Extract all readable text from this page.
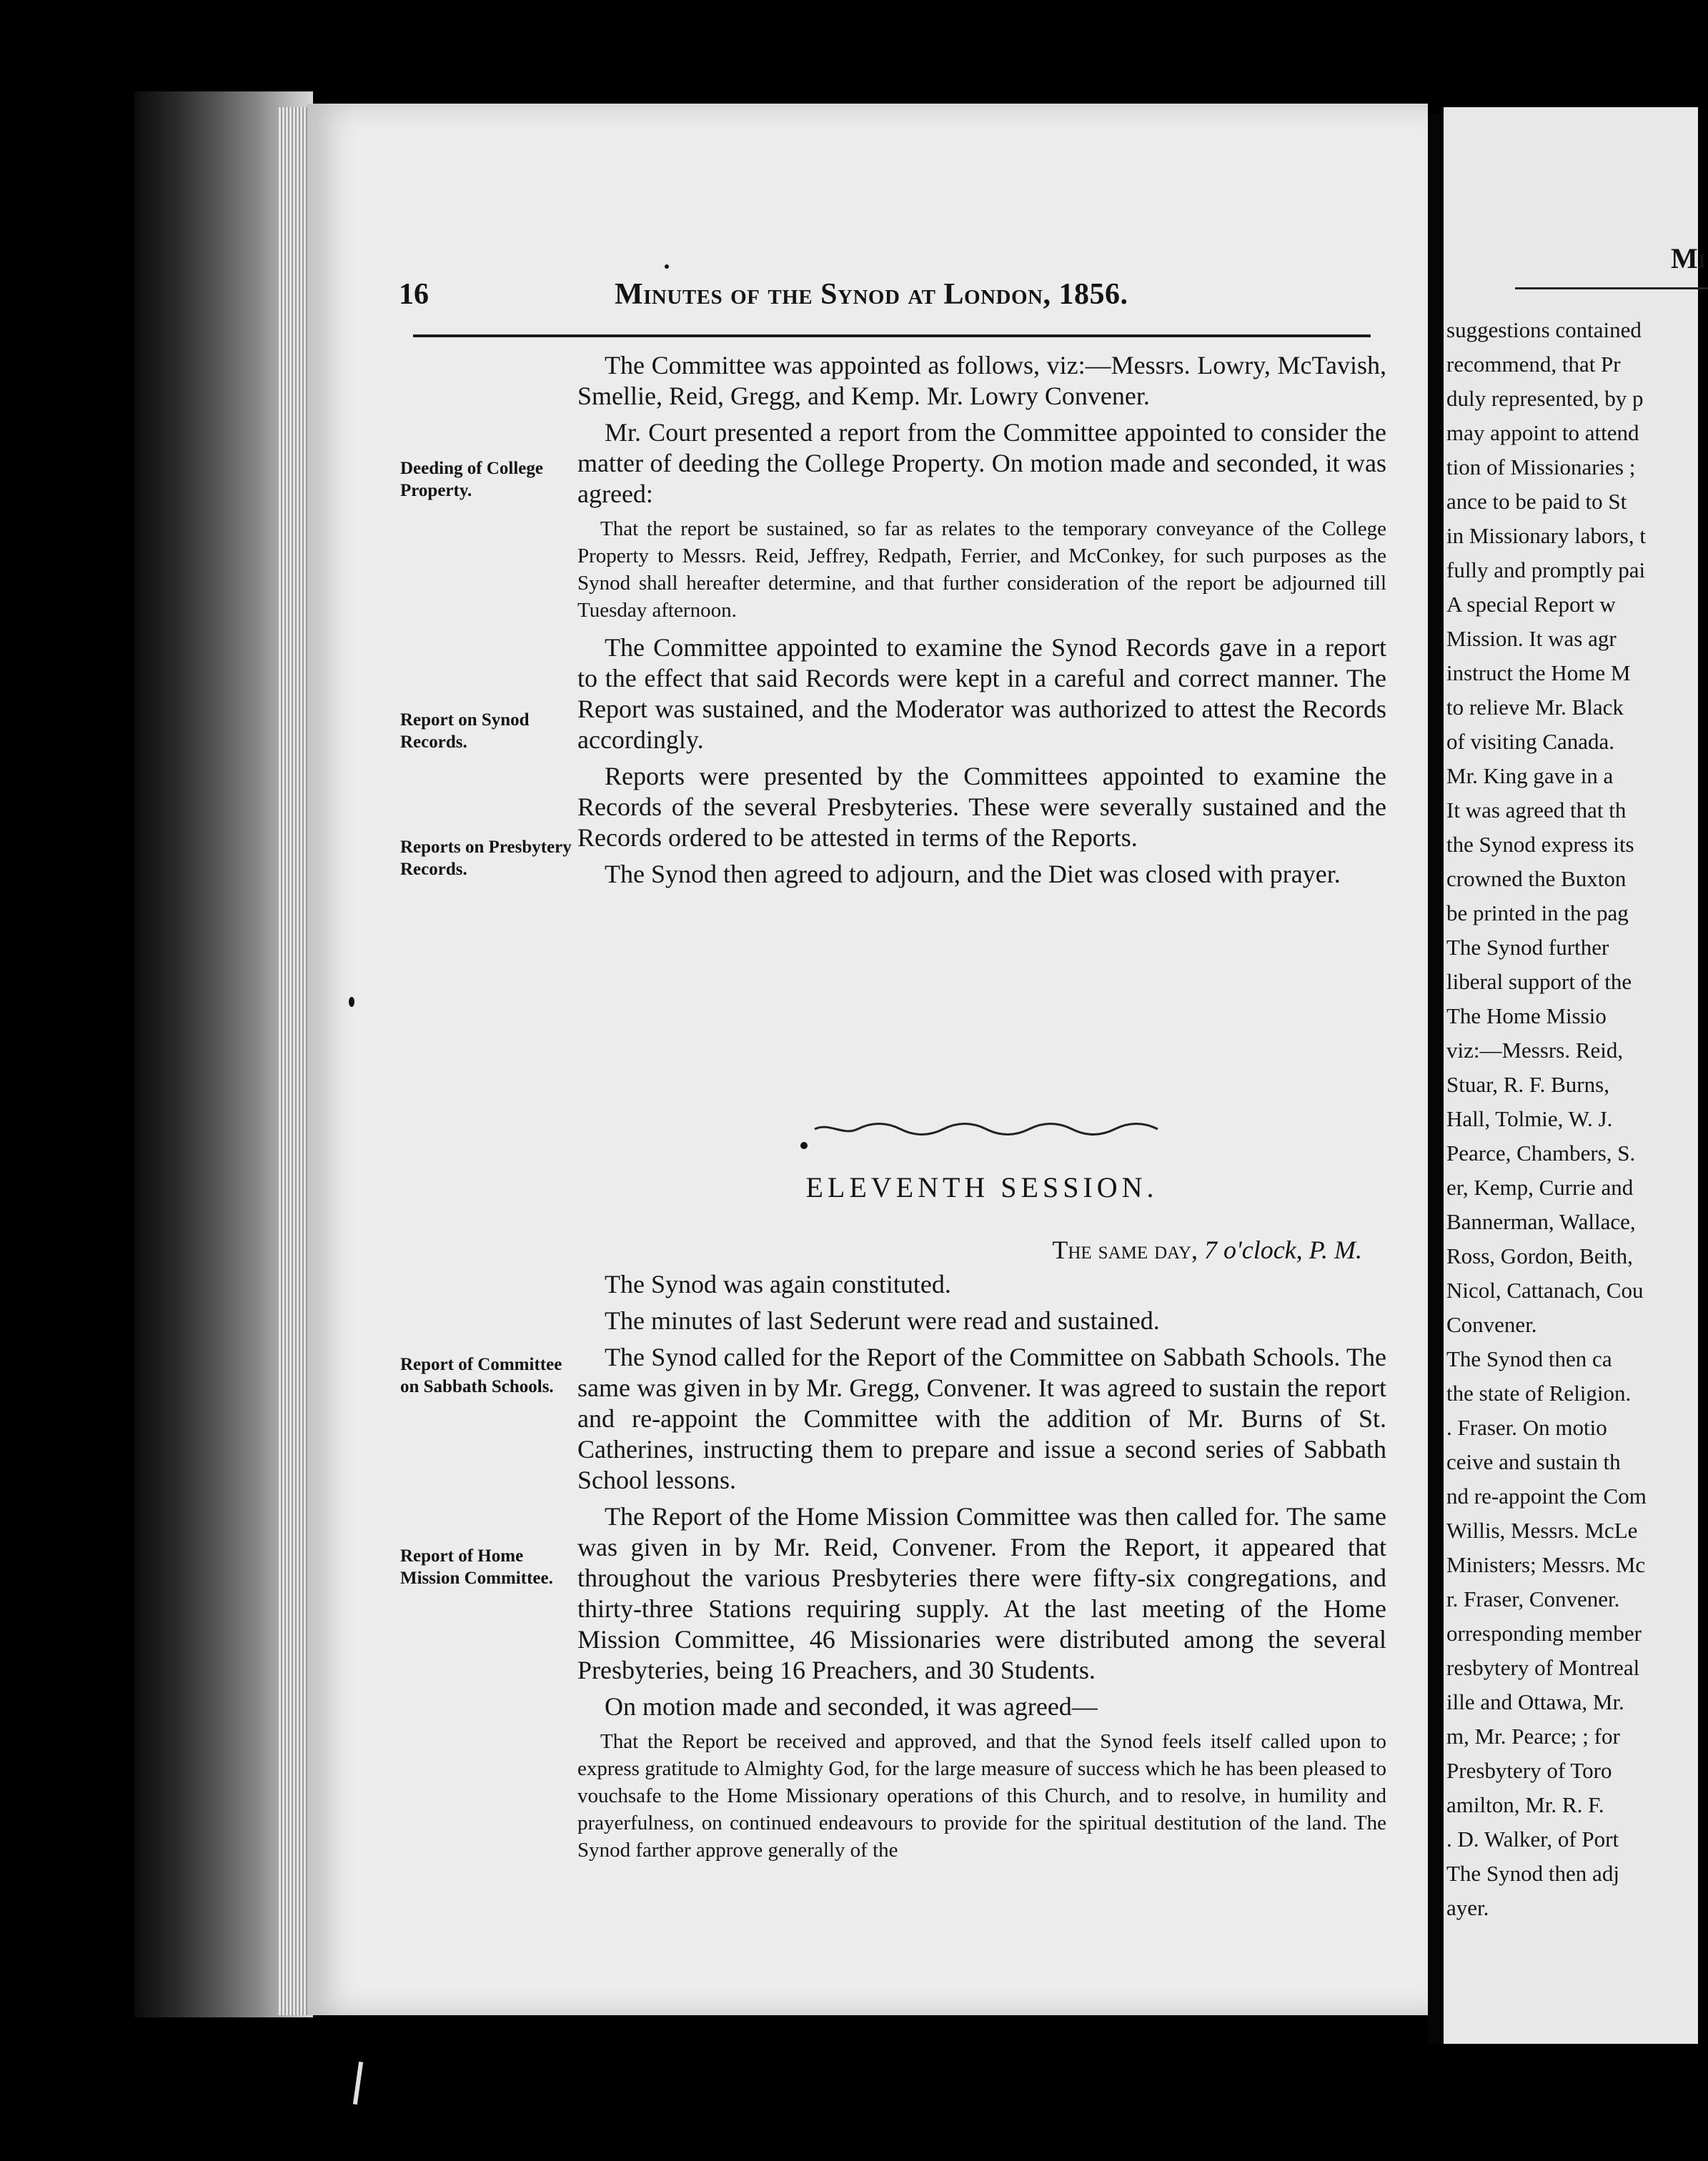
Mi
suggestions contained
recommend, that Pr
duly represented, by p
may appoint to attend
tion of Missionaries ;
ance to be paid to St
in Missionary labors, t
fully and promptly pai
A special Report w
Mission. It was agr
instruct the Home M
to relieve Mr. Black
of visiting Canada.
Mr. King gave in a
It was agreed that th
the Synod express its
crowned the Buxton
be printed in the pag
The Synod further
liberal support of the
The Home Missio
viz:—Messrs. Reid,
Stuar, R. F. Burns,
Hall, Tolmie, W. J.
Pearce, Chambers, S.
er, Kemp, Currie and
Bannerman, Wallace,
Ross, Gordon, Beith,
Nicol, Cattanach, Cou
Convener.
The Synod then ca
the state of Religion.
. Fraser. On motio
ceive and sustain th
nd re-appoint the Com
Willis, Messrs. McLe
Ministers; Messrs. Mc
r. Fraser, Convener.
orresponding member
resbytery of Montreal
ille and Ottawa, Mr.
m, Mr. Pearce; ; for
Presbytery of Toro
amilton, Mr. R. F.
. D. Walker, of Port
The Synod then adj
ayer.
16	Minutes of the Synod at London, 1856.
Deeding of College Property.
Report on Synod Records.
Reports on Presbytery Records.
Report of Committee on Sabbath Schools.
Report of Home Mission Committee.

The Committee was appointed as follows, viz:—Messrs. Lowry, McTavish, Smellie, Reid, Gregg, and Kemp. Mr. Lowry Convener.

Mr. Court presented a report from the Committee appointed to consider the matter of deeding the College Property. On motion made and seconded, it was agreed:

That the report be sustained, so far as relates to the temporary conveyance of the College Property to Messrs. Reid, Jeffrey, Redpath, Ferrier, and McConkey, for such purposes as the Synod shall hereafter determine, and that further consideration of the report be adjourned till Tuesday afternoon.

The Committee appointed to examine the Synod Records gave in a report to the effect that said Records were kept in a careful and correct manner. The Report was sustained, and the Moderator was authorized to attest the Records accordingly.

Reports were presented by the Committees appointed to examine the Records of the several Presbyteries. These were severally sustained and the Records ordered to be attested in terms of the Reports.

The Synod then agreed to adjourn, and the Diet was closed with prayer.

ELEVENTH SESSION.
The same day, 7 o'clock, P. M.

The Synod was again constituted.

The minutes of last Sederunt were read and sustained.

The Synod called for the Report of the Committee on Sabbath Schools. The same was given in by Mr. Gregg, Convener. It was agreed to sustain the report and re-appoint the Committee with the addition of Mr. Burns of St. Catherines, instructing them to prepare and issue a second series of Sabbath School lessons.

The Report of the Home Mission Committee was then called for. The same was given in by Mr. Reid, Convener. From the Report, it appeared that throughout the various Presbyteries there were fifty-six congregations, and thirty-three Stations requiring supply. At the last meeting of the Home Mission Committee, 46 Missionaries were distributed among the several Presbyteries, being 16 Preachers, and 30 Students.

On motion made and seconded, it was agreed—

That the Report be received and approved, and that the Synod feels itself called upon to express gratitude to Almighty God, for the large measure of success which he has been pleased to vouchsafe to the Home Missionary operations of this Church, and to resolve, in humility and prayerfulness, on continued endeavours to provide for the spiritual destitution of the land. The Synod farther approve generally of the
